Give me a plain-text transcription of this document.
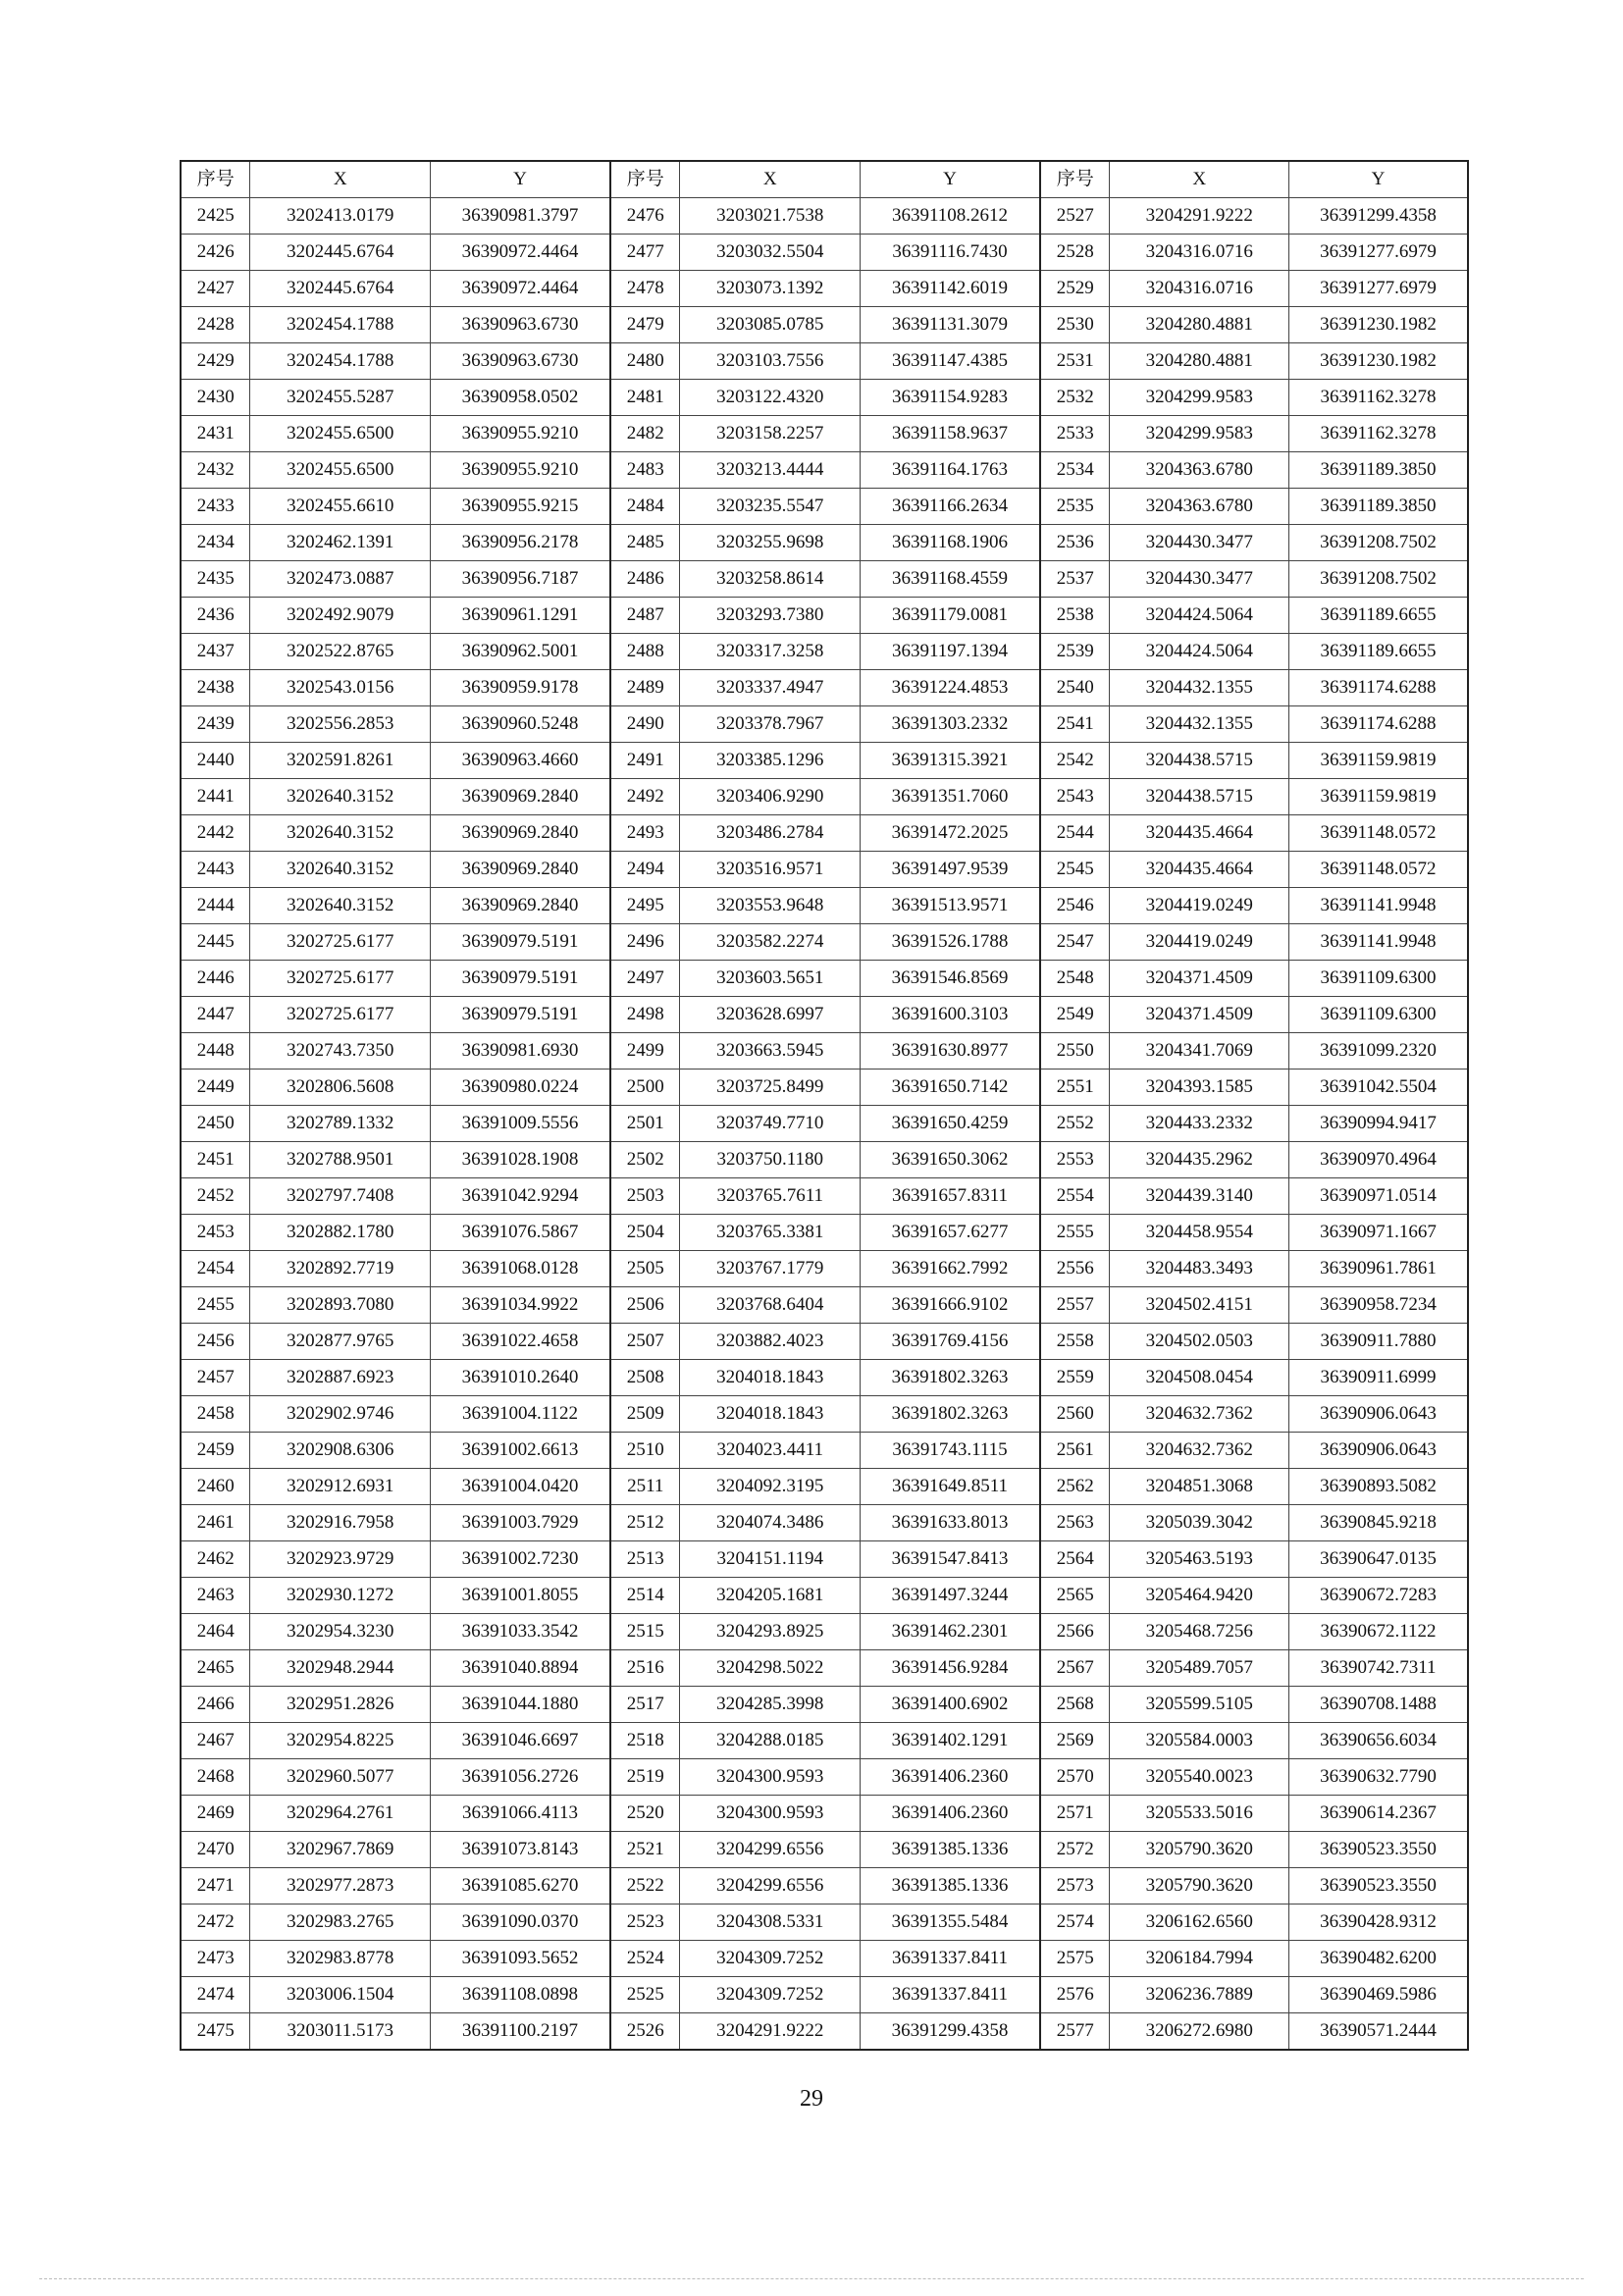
序号	X	Y	序号	X	Y	序号	X	Y
2425	3202413.0179	36390981.3797	2476	3203021.7538	36391108.2612	2527	3204291.9222	36391299.4358
2426	3202445.6764	36390972.4464	2477	3203032.5504	36391116.7430	2528	3204316.0716	36391277.6979
2427	3202445.6764	36390972.4464	2478	3203073.1392	36391142.6019	2529	3204316.0716	36391277.6979
2428	3202454.1788	36390963.6730	2479	3203085.0785	36391131.3079	2530	3204280.4881	36391230.1982
2429	3202454.1788	36390963.6730	2480	3203103.7556	36391147.4385	2531	3204280.4881	36391230.1982
2430	3202455.5287	36390958.0502	2481	3203122.4320	36391154.9283	2532	3204299.9583	36391162.3278
2431	3202455.6500	36390955.9210	2482	3203158.2257	36391158.9637	2533	3204299.9583	36391162.3278
2432	3202455.6500	36390955.9210	2483	3203213.4444	36391164.1763	2534	3204363.6780	36391189.3850
2433	3202455.6610	36390955.9215	2484	3203235.5547	36391166.2634	2535	3204363.6780	36391189.3850
2434	3202462.1391	36390956.2178	2485	3203255.9698	36391168.1906	2536	3204430.3477	36391208.7502
2435	3202473.0887	36390956.7187	2486	3203258.8614	36391168.4559	2537	3204430.3477	36391208.7502
2436	3202492.9079	36390961.1291	2487	3203293.7380	36391179.0081	2538	3204424.5064	36391189.6655
2437	3202522.8765	36390962.5001	2488	3203317.3258	36391197.1394	2539	3204424.5064	36391189.6655
2438	3202543.0156	36390959.9178	2489	3203337.4947	36391224.4853	2540	3204432.1355	36391174.6288
2439	3202556.2853	36390960.5248	2490	3203378.7967	36391303.2332	2541	3204432.1355	36391174.6288
2440	3202591.8261	36390963.4660	2491	3203385.1296	36391315.3921	2542	3204438.5715	36391159.9819
2441	3202640.3152	36390969.2840	2492	3203406.9290	36391351.7060	2543	3204438.5715	36391159.9819
2442	3202640.3152	36390969.2840	2493	3203486.2784	36391472.2025	2544	3204435.4664	36391148.0572
2443	3202640.3152	36390969.2840	2494	3203516.9571	36391497.9539	2545	3204435.4664	36391148.0572
2444	3202640.3152	36390969.2840	2495	3203553.9648	36391513.9571	2546	3204419.0249	36391141.9948
2445	3202725.6177	36390979.5191	2496	3203582.2274	36391526.1788	2547	3204419.0249	36391141.9948
2446	3202725.6177	36390979.5191	2497	3203603.5651	36391546.8569	2548	3204371.4509	36391109.6300
2447	3202725.6177	36390979.5191	2498	3203628.6997	36391600.3103	2549	3204371.4509	36391109.6300
2448	3202743.7350	36390981.6930	2499	3203663.5945	36391630.8977	2550	3204341.7069	36391099.2320
2449	3202806.5608	36390980.0224	2500	3203725.8499	36391650.7142	2551	3204393.1585	36391042.5504
2450	3202789.1332	36391009.5556	2501	3203749.7710	36391650.4259	2552	3204433.2332	36390994.9417
2451	3202788.9501	36391028.1908	2502	3203750.1180	36391650.3062	2553	3204435.2962	36390970.4964
2452	3202797.7408	36391042.9294	2503	3203765.7611	36391657.8311	2554	3204439.3140	36390971.0514
2453	3202882.1780	36391076.5867	2504	3203765.3381	36391657.6277	2555	3204458.9554	36390971.1667
2454	3202892.7719	36391068.0128	2505	3203767.1779	36391662.7992	2556	3204483.3493	36390961.7861
2455	3202893.7080	36391034.9922	2506	3203768.6404	36391666.9102	2557	3204502.4151	36390958.7234
2456	3202877.9765	36391022.4658	2507	3203882.4023	36391769.4156	2558	3204502.0503	36390911.7880
2457	3202887.6923	36391010.2640	2508	3204018.1843	36391802.3263	2559	3204508.0454	36390911.6999
2458	3202902.9746	36391004.1122	2509	3204018.1843	36391802.3263	2560	3204632.7362	36390906.0643
2459	3202908.6306	36391002.6613	2510	3204023.4411	36391743.1115	2561	3204632.7362	36390906.0643
2460	3202912.6931	36391004.0420	2511	3204092.3195	36391649.8511	2562	3204851.3068	36390893.5082
2461	3202916.7958	36391003.7929	2512	3204074.3486	36391633.8013	2563	3205039.3042	36390845.9218
2462	3202923.9729	36391002.7230	2513	3204151.1194	36391547.8413	2564	3205463.5193	36390647.0135
2463	3202930.1272	36391001.8055	2514	3204205.1681	36391497.3244	2565	3205464.9420	36390672.7283
2464	3202954.3230	36391033.3542	2515	3204293.8925	36391462.2301	2566	3205468.7256	36390672.1122
2465	3202948.2944	36391040.8894	2516	3204298.5022	36391456.9284	2567	3205489.7057	36390742.7311
2466	3202951.2826	36391044.1880	2517	3204285.3998	36391400.6902	2568	3205599.5105	36390708.1488
2467	3202954.8225	36391046.6697	2518	3204288.0185	36391402.1291	2569	3205584.0003	36390656.6034
2468	3202960.5077	36391056.2726	2519	3204300.9593	36391406.2360	2570	3205540.0023	36390632.7790
2469	3202964.2761	36391066.4113	2520	3204300.9593	36391406.2360	2571	3205533.5016	36390614.2367
2470	3202967.7869	36391073.8143	2521	3204299.6556	36391385.1336	2572	3205790.3620	36390523.3550
2471	3202977.2873	36391085.6270	2522	3204299.6556	36391385.1336	2573	3205790.3620	36390523.3550
2472	3202983.2765	36391090.0370	2523	3204308.5331	36391355.5484	2574	3206162.6560	36390428.9312
2473	3202983.8778	36391093.5652	2524	3204309.7252	36391337.8411	2575	3206184.7994	36390482.6200
2474	3203006.1504	36391108.0898	2525	3204309.7252	36391337.8411	2576	3206236.7889	36390469.5986
2475	3203011.5173	36391100.2197	2526	3204291.9222	36391299.4358	2577	3206272.6980	36390571.2444
29
